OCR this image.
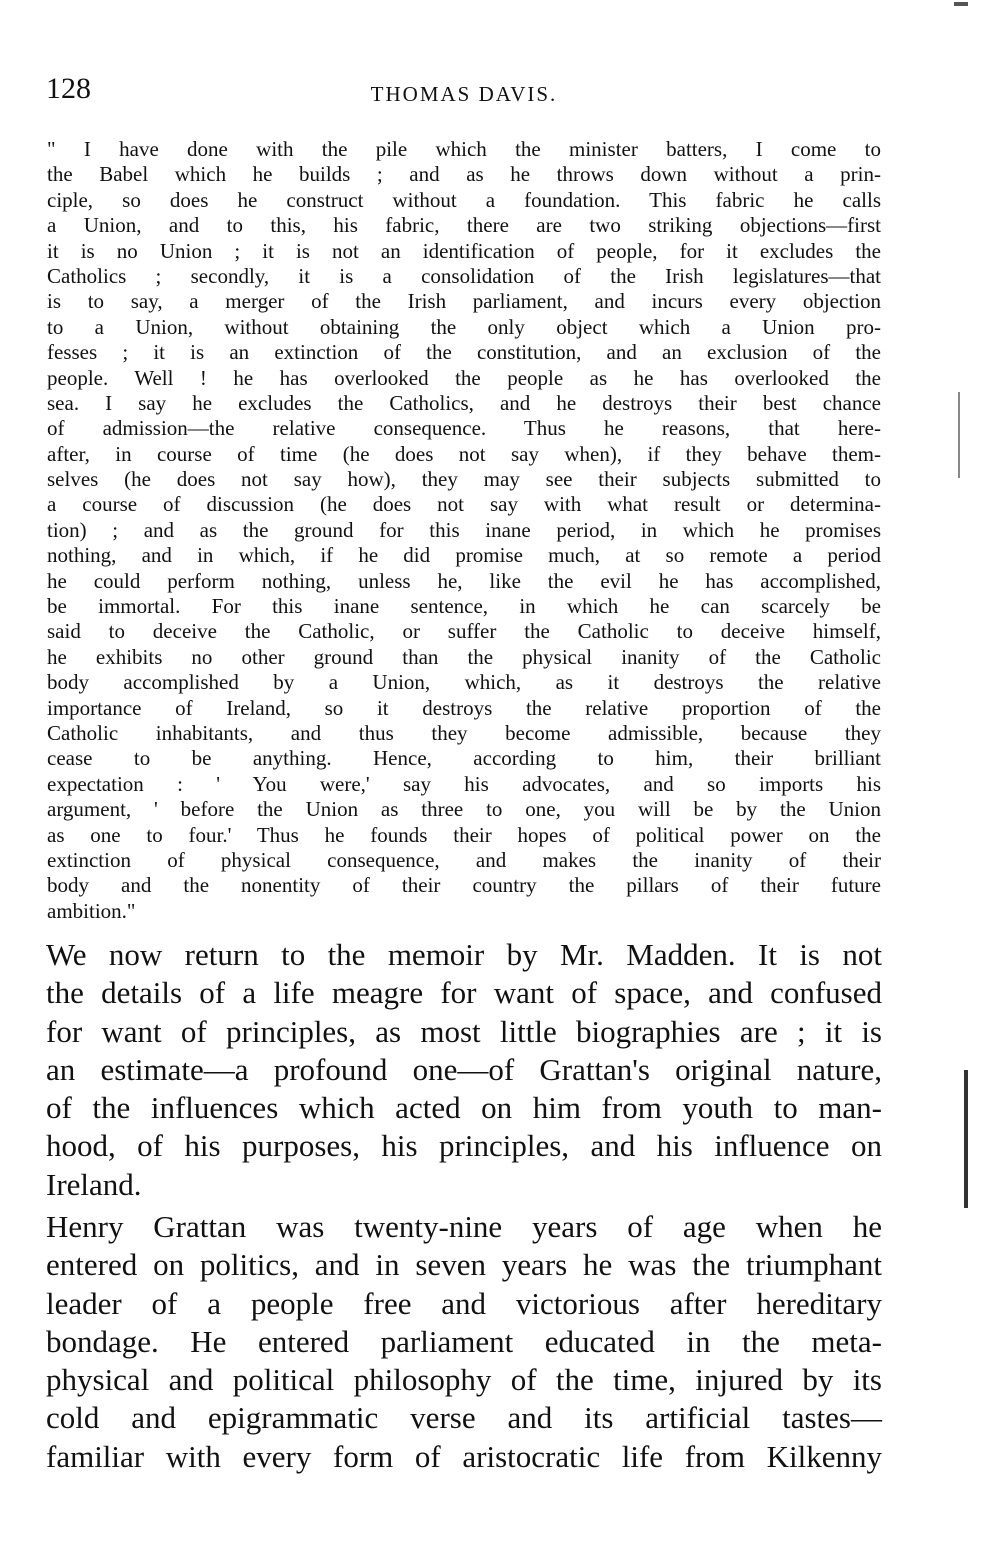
128	THOMAS DAVIS.
" I have done with the pile which the minister batters, I come to
the Babel which he builds ; and as he throws down without a prin-
ciple, so does he construct without a foundation. This fabric he calls
a Union, and to this, his fabric, there are two striking objections—first
it is no Union ; it is not an identification of people, for it excludes the
Catholics ; secondly, it is a consolidation of the Irish legislatures—that
is to say, a merger of the Irish parliament, and incurs every objection
to a Union, without obtaining the only object which a Union pro-
fesses ; it is an extinction of the constitution, and an exclusion of the
people. Well ! he has overlooked the people as he has overlooked the
sea. I say he excludes the Catholics, and he destroys their best chance
of admission—the relative consequence. Thus he reasons, that here-
after, in course of time (he does not say when), if they behave them-
selves (he does not say how), they may see their subjects submitted to
a course of discussion (he does not say with what result or determina-
tion) ; and as the ground for this inane period, in which he promises
nothing, and in which, if he did promise much, at so remote a period
he could perform nothing, unless he, like the evil he has accomplished,
be immortal. For this inane sentence, in which he can scarcely be
said to deceive the Catholic, or suffer the Catholic to deceive himself,
he exhibits no other ground than the physical inanity of the Catholic
body accomplished by a Union, which, as it destroys the relative
importance of Ireland, so it destroys the relative proportion of the
Catholic inhabitants, and thus they become admissible, because they
cease to be anything. Hence, according to him, their brilliant
expectation : ' You were,' say his advocates, and so imports his
argument, ' before the Union as three to one, you will be by the Union
as one to four.' Thus he founds their hopes of political power on the
extinction of physical consequence, and makes the inanity of their
body and the nonentity of their country the pillars of their future
ambition."
We now return to the memoir by Mr. Madden. It is not
the details of a life meagre for want of space, and confused
for want of principles, as most little biographies are ; it is
an estimate—a profound one—of Grattan's original nature,
of the influences which acted on him from youth to man-
hood, of his purposes, his principles, and his influence on
Ireland.
Henry Grattan was twenty-nine years of age when he
entered on politics, and in seven years he was the triumphant
leader of a people free and victorious after hereditary
bondage. He entered parliament educated in the meta-
physical and political philosophy of the time, injured by its
cold and epigrammatic verse and its artificial tastes—
familiar with every form of aristocratic life from Kilkenny
